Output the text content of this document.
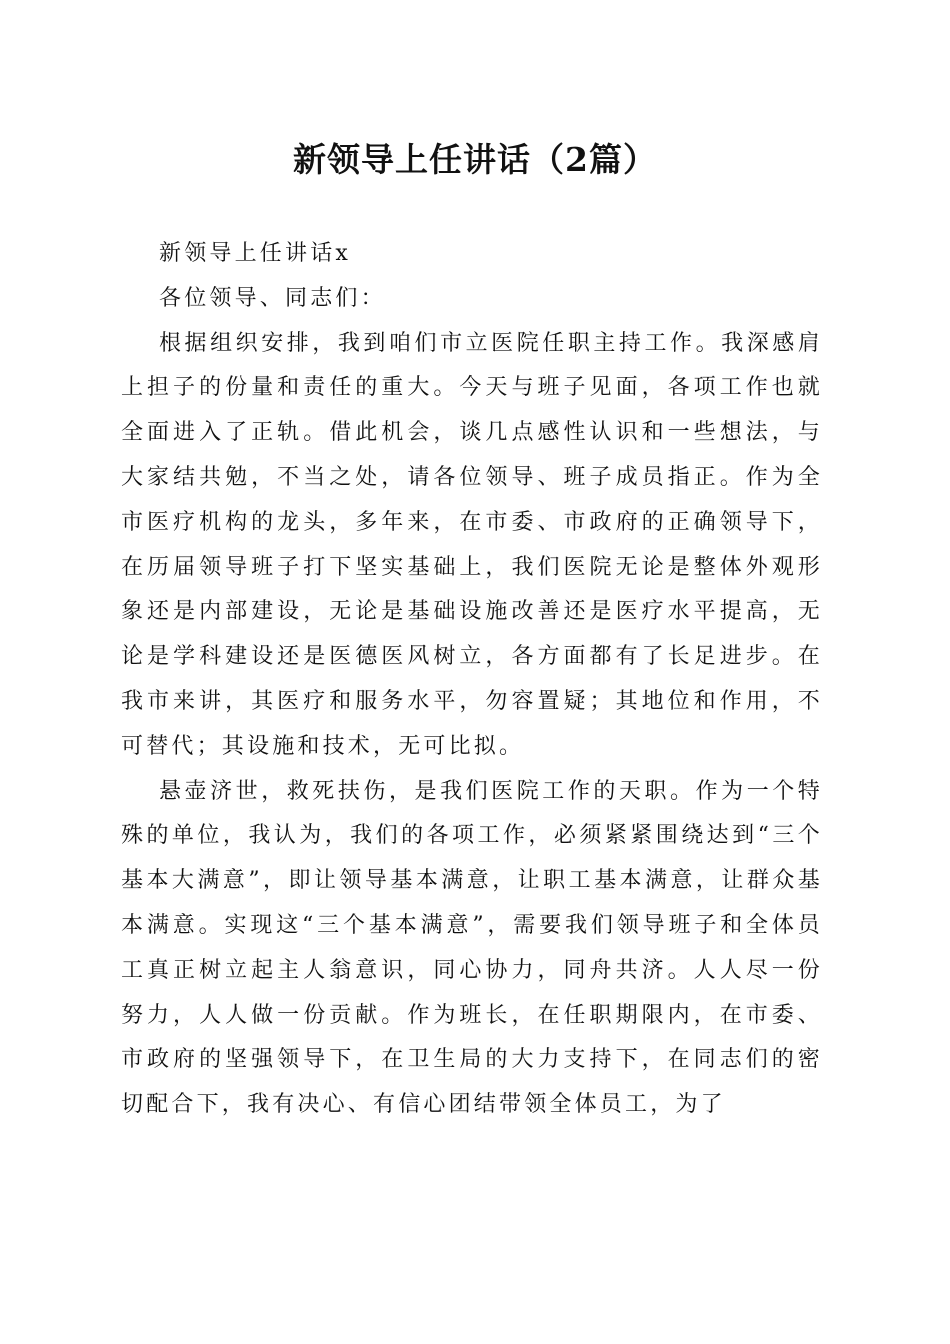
新领导上任讲话（2篇）

新领导上任讲话x

各位领导、同志们：

根据组织安排，我到咱们市立医院任职主持工作。我深感肩上担子的份量和责任的重大。今天与班子见面，各项工作也就全面进入了正轨。借此机会，谈几点感性认识和一些想法，与大家结共勉，不当之处，请各位领导、班子成员指正。作为全市医疗机构的龙头，多年来，在市委、市政府的正确领导下，在历届领导班子打下坚实基础上，我们医院无论是整体外观形象还是内部建设，无论是基础设施改善还是医疗水平提高，无论是学科建设还是医德医风树立，各方面都有了长足进步。在我市来讲，其医疗和服务水平，勿容置疑；其地位和作用，不可替代；其设施和技术，无可比拟。

悬壶济世，救死扶伤，是我们医院工作的天职。作为一个特殊的单位，我认为，我们的各项工作，必须紧紧围绕达到“三个基本大满意”，即让领导基本满意，让职工基本满意，让群众基本满意。实现这“三个基本满意”，需要我们领导班子和全体员工真正树立起主人翁意识，同心协力，同舟共济。人人尽一份努力，人人做一份贡献。作为班长，在任职期限内，在市委、市政府的坚强领导下，在卫生局的大力支持下，在同志们的密切配合下，我有决心、有信心团结带领全体员工，为了
